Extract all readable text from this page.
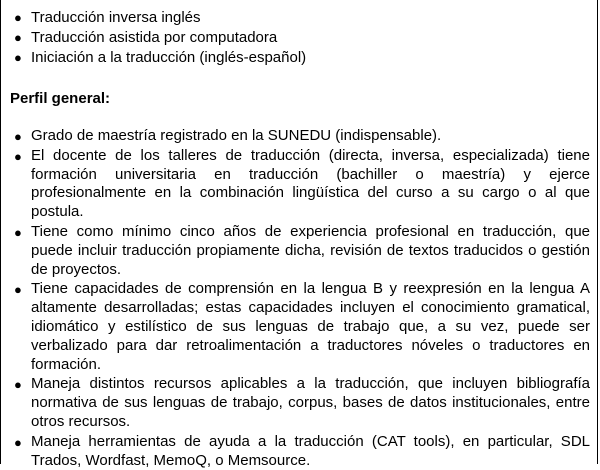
● Traducción inversa inglés
● Traducción asistida por computadora
● Iniciación a la traducción (inglés-español)
Perfil general:
● Grado de maestría registrado en la SUNEDU (indispensable).
● El docente de los talleres de traducción (directa, inversa, especializada) tiene formación universitaria en traducción (bachiller o maestría) y ejerce profesionalmente en la combinación lingüística del curso a su cargo o al que postula.
● Tiene como mínimo cinco años de experiencia profesional en traducción, que puede incluir traducción propiamente dicha, revisión de textos traducidos o gestión de proyectos.
● Tiene capacidades de comprensión en la lengua B y reexpresión en la lengua A altamente desarrolladas; estas capacidades incluyen el conocimiento gramatical, idiomático y estilístico de sus lenguas de trabajo que, a su vez, puede ser verbalizado para dar retroalimentación a traductores nóveles o traductores en formación.
● Maneja distintos recursos aplicables a la traducción, que incluyen bibliografía normativa de sus lenguas de trabajo, corpus, bases de datos institucionales, entre otros recursos.
● Maneja herramientas de ayuda a la traducción (CAT tools), en particular, SDL Trados, Wordfast, MemoQ, o Memsource.
